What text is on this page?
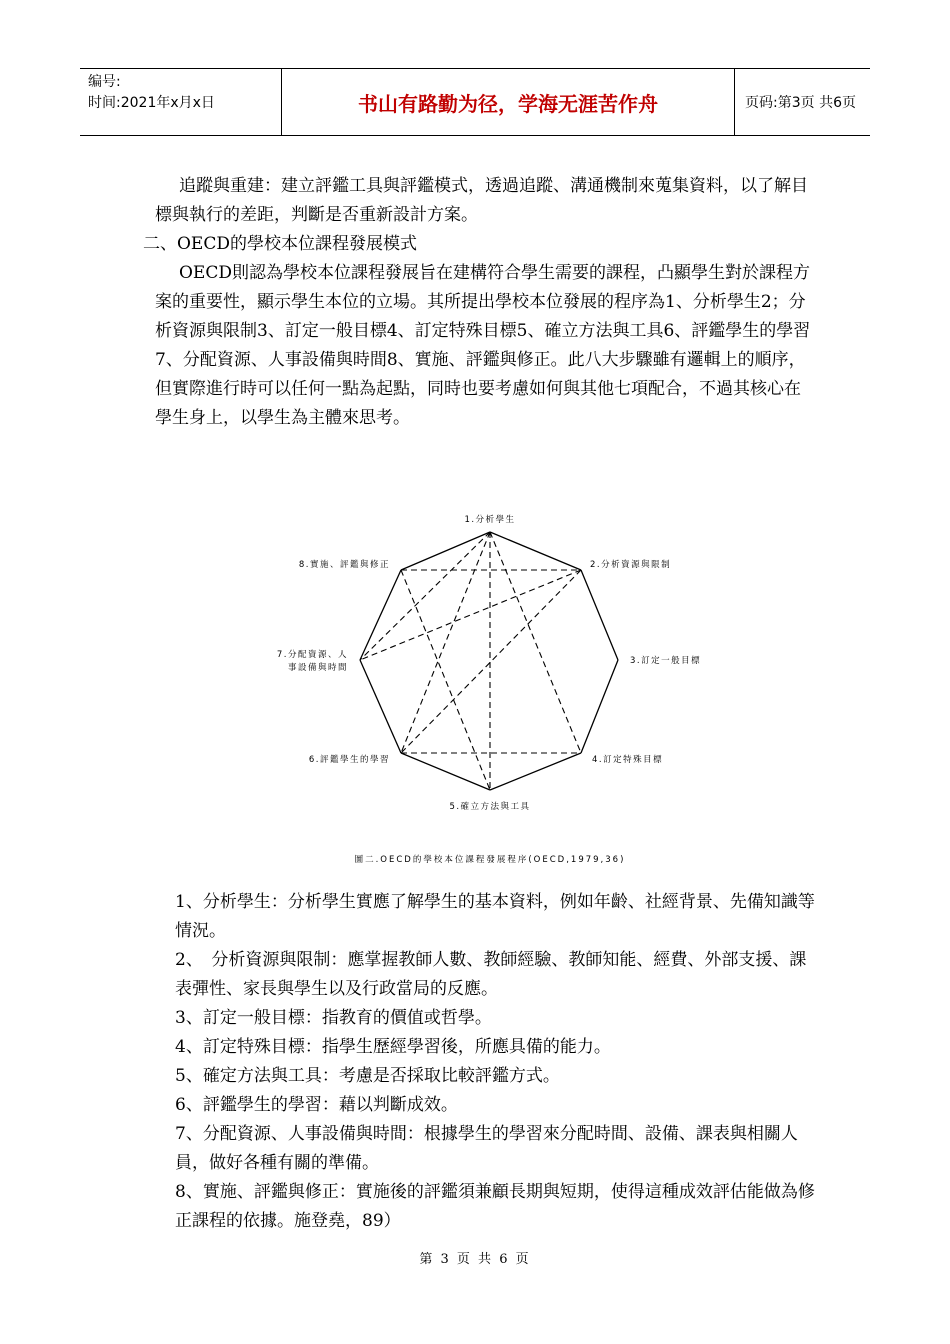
编号:
时间:2021年x月x日	书山有路勤为径，学海无涯苦作舟	页码:第3页 共6页

追蹤與重建：建立評鑑工具與評鑑模式，透過追蹤、溝通機制來蒐集資料，以了解目標與執行的差距，判斷是否重新設計方案。

二、OECD的學校本位課程發展模式

OECD則認為學校本位課程發展旨在建構符合學生需要的課程，凸顯學生對於課程方案的重要性，顯示學生本位的立場。其所提出學校本位發展的程序為1、分析學生2；分析資源與限制3、訂定一般目標4、訂定特殊目標5、確立方法與工具6、評鑑學生的學習7、分配資源、人事設備與時間8、實施、評鑑與修正。此八大步驟雖有邏輯上的順序，但實際進行時可以任何一點為起點，同時也要考慮如何與其他七項配合，不過其核心在學生身上，以學生為主體來思考。

1.分析學生
2.分析資源與限制
3.訂定一般目標
4.訂定特殊目標
5.確立方法與工具
6.評鑑學生的學習
7.分配資源、人
8.實施、評鑑與修正
事設備與時間
圖二.OECD的學校本位課程發展程序(OECD,1979,36)

1、分析學生：分析學生實應了解學生的基本資料，例如年齡、社經背景、先備知識等情況。

2、　分析資源與限制：應掌握教師人數、教師經驗、教師知能、經費、外部支援、課表彈性、家長與學生以及行政當局的反應。

3、訂定一般目標：指教育的價值或哲學。

4、訂定特殊目標：指學生歷經學習後，所應具備的能力。

5、確定方法與工具：考慮是否採取比較評鑑方式。

6、評鑑學生的學習：藉以判斷成效。

7、分配資源、人事設備與時間：根據學生的學習來分配時間、設備、課表與相關人員，做好各種有關的準備。

8、實施、評鑑與修正：實施後的評鑑須兼顧長期與短期，使得這種成效評估能做為修正課程的依據。施登堯，89）

第 3 页 共 6 页
